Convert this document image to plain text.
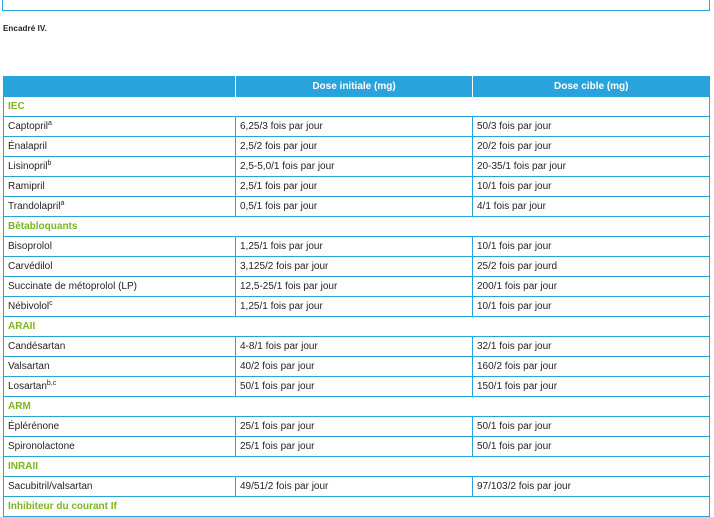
Encadré IV.
	Dose initiale (mg)	Dose cible (mg)
IEC		
Captopril$^a$	6,25/3 fois par jour	50/3 fois par jour
Énalapril	2,5/2 fois par jour	20/2 fois par jour
Lisinopril$^b$	2,5-5,0/1 fois par jour	20-35/1 fois par jour
Ramipril	2,5/1 fois par jour	10/1 fois par jour
Trandolapril$^a$	0,5/1 fois par jour	4/1 fois par jour
Bêtabloquants		
Bisoprolol	1,25/1 fois par jour	10/1 fois par jour
Carvédilol	3,125/2 fois par jour	25/2 fois par jourd
Succinate de métoprolol (LP)	12,5-25/1 fois par jour	200/1 fois par jour
Nébivolol$^c$	1,25/1 fois par jour	10/1 fois par jour
ARAII		
Candésartan	4-8/1 fois par jour	32/1 fois par jour
Valsartan	40/2 fois par jour	160/2 fois par jour
Losartan$^{b,c}$	50/1 fois par jour	150/1 fois par jour
ARM		
Éplérénone	25/1 fois par jour	50/1 fois par jour
Spironolactone	25/1 fois par jour	50/1 fois par jour
INRAII		
Sacubitril/valsartan	49/51/2 fois par jour	97/103/2 fois par jour
Inhibiteur du courant If		
